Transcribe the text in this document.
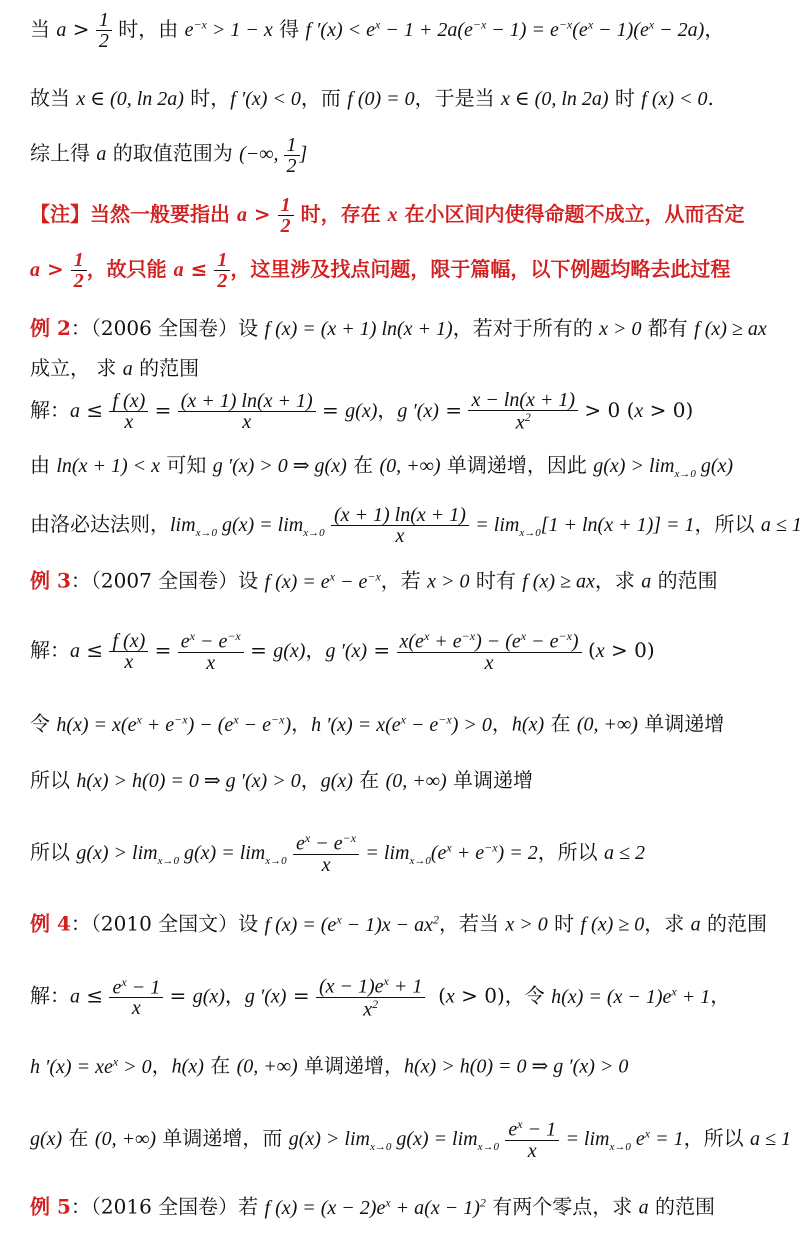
当 $a > \frac{1}{2}$ 时，由 $e^{-x} > 1 - x$ 得 f $'(x) < e^x - 1 + 2a(e^{-x} - 1) = e^{-x}(e^x - 1)(e^x - 2a)$，
故当 x ∈ (0, ln 2a) 时，f ′(x) < 0，而 f (0) = 0，于是当 x ∈ (0, ln 2a) 时 f (x) < 0.
综上得 a 的取值范围为 (−∞, $\frac{1}{2}$ ]
【注】当然一般要指出 $a > \frac{1}{2}$ 时，存在 x 在小区间内使得命题不成立，从而否定
$a > \frac{1}{2}$ ，故只能 $a \le \frac{1}{2}$ ，这里涉及找点问题，限于篇幅，以下例题均略去此过程
例 2：（2006 全国卷）设 f (x) = (x + 1) ln(x + 1)，若对于所有的 x > 0 都有 f (x) ≥ ax
成立， 求 a 的范围
解：$a \le \frac{f (x)}{x} = \frac{(x + 1) \ln(x + 1)}{x} = g(x)$，g $'(x) = \frac{x - \ln(x + 1)}{x^2} > 0$ (x > 0)
由 ln(x + 1) < x 可知 g ′(x) > 0 ⇒ g(x) 在 (0, +∞) 单调递增，因此 $g(x) > \lim_{x\to 0} g(x)$
由洛必达法则，$\lim_{x\to 0} g(x) = \lim_{x\to 0} \frac{(x + 1) \ln(x + 1)}{x} = \lim_{x\to 0}[1 + \ln(x + 1)] = 1$，所以 a ≤ 1
例 3：（2007 全国卷）设 f $(x) = e^x - e^{-x}$，若 x > 0 时有 f (x) ≥ ax，求 a 的范围
解：$a \le \frac{f (x)}{x} = \frac{e^x - e^{-x}}{x} = g(x)$，g $'(x) = \frac{x(e^x + e^{-x}) - (e^x - e^{-x})}{x} (x > 0)$
令 $h(x) = x(e^x + e^{-x}) - (e^x - e^{-x})$，h $'(x) = x(e^x - e^{-x}) > 0$，h(x) 在 (0, +∞) 单调递增
所以 h(x) > h(0) = 0 ⇒ g ′(x) > 0，g(x) 在 (0, +∞) 单调递增
所以 $g(x) > \lim_{x\to 0} g(x) = \lim_{x\to 0} \frac{e^x - e^{-x}}{x} = \lim_{x\to 0}(e^x + e^{-x}) = 2$，所以 a ≤ 2
例 4：（2010 全国文）设 f $(x) = (e^x - 1)x - ax^2$，若当 x > 0 时 f (x) ≥ 0，求 a 的范围
解：$a \le \frac{e^x - 1}{x} = g(x)$，g $'(x) = \frac{(x - 1)e^x + 1}{x^2} (x > 0)$，令 $h(x) = (x - 1)e^x + 1$，
h $'(x) = xe^x > 0$，h(x) 在 (0, +∞) 单调递增，h(x) > h(0) = 0 ⇒ g ′(x) > 0
g(x) 在 (0, +∞) 单调递增，而 $g(x) > \lim_{x\to 0} g(x) = \lim_{x\to 0} \frac{e^x - 1}{x} = \lim_{x\to 0} e^x = 1$，所以 a ≤ 1
例 5：（2016 全国卷）若 f $(x) = (x - 2)e^x + a(x - 1)^2$ 有两个零点，求 a 的范围
